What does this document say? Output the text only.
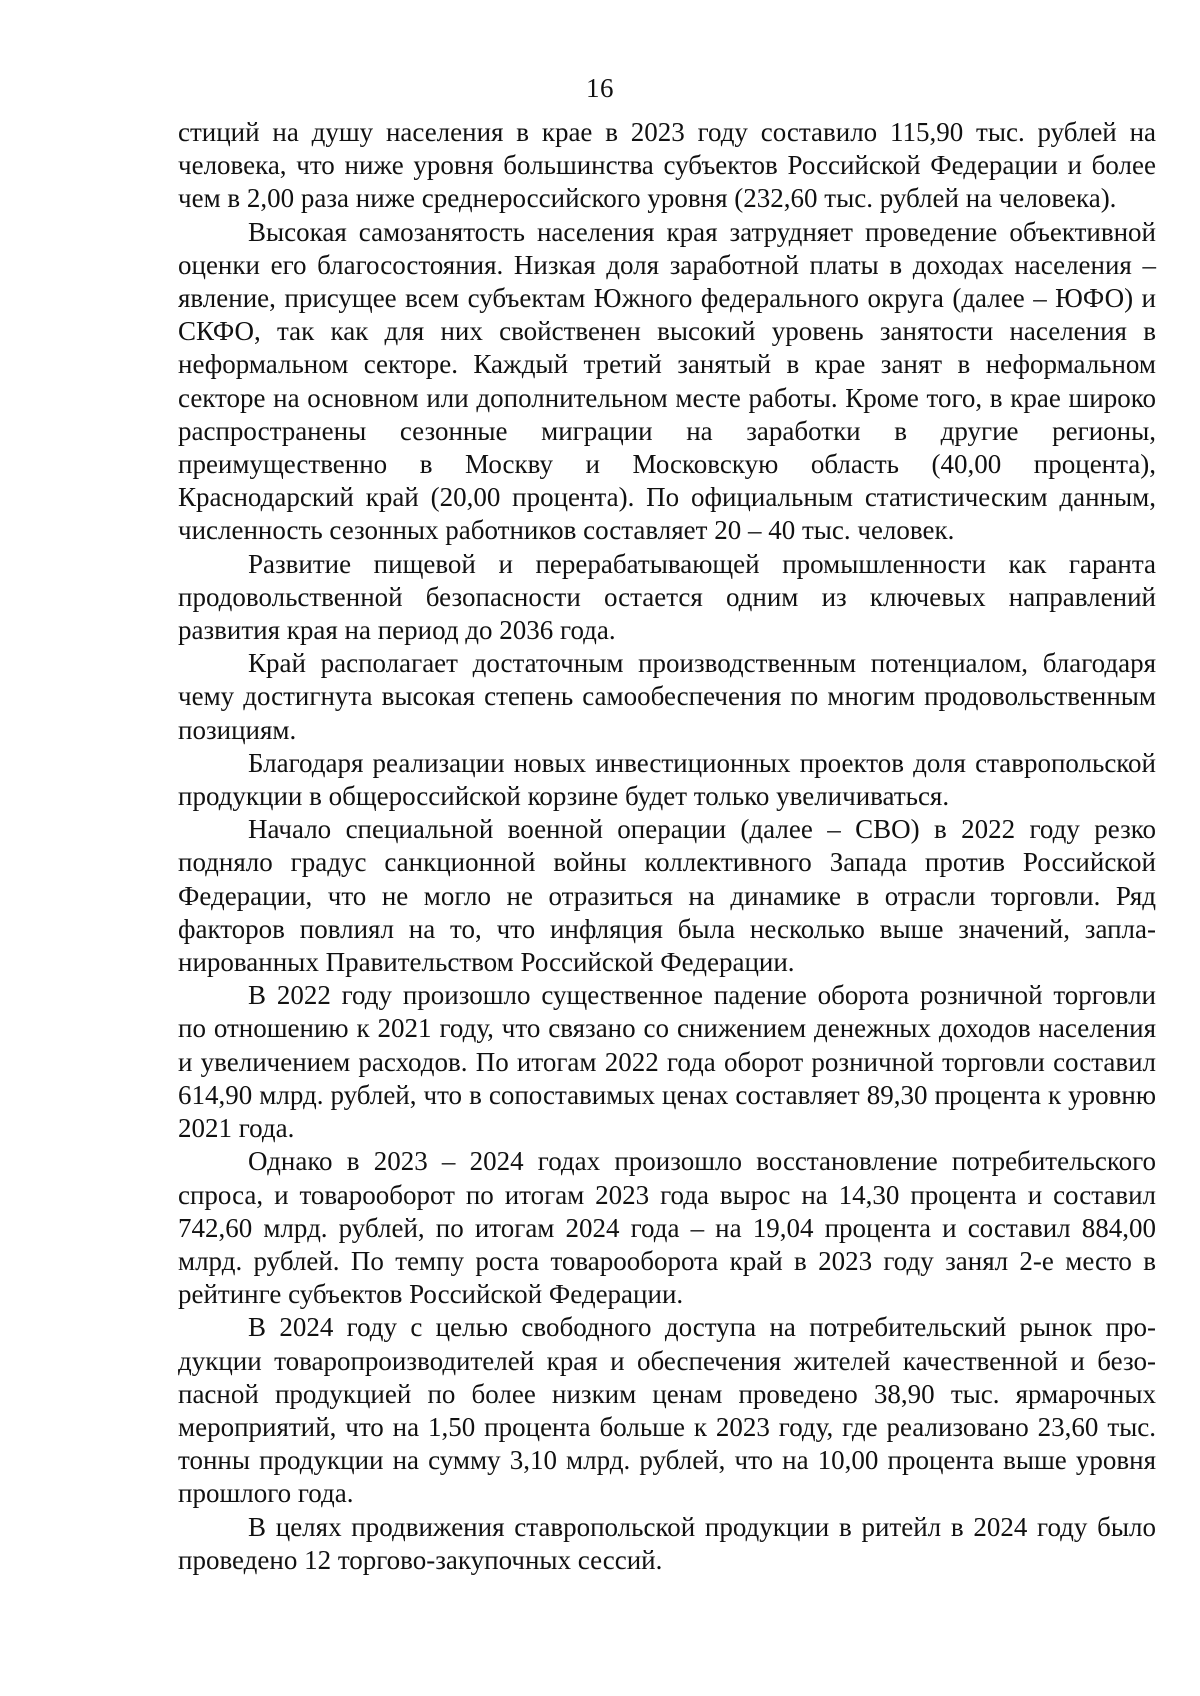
16

стиций на душу населения в крае в 2023 году составило 115,90 тыс. рублей на человека, что ниже уровня большинства субъектов Российской Федерации и более чем в 2,00 раза ниже среднероссийского уровня (232,60 тыс. рублей на человека).

Высокая самозанятость населения края затрудняет проведение объективной оценки его благосостояния. Низкая доля заработной платы в доходах населения – явление, присущее всем субъектам Южного федерального округа (далее – ЮФО) и СКФО, так как для них свойственен высокий уровень занятости населения в неформальном секторе. Каждый третий занятый в крае занят в неформальном секторе на основном или дополнительном месте работы. Кроме того, в крае широко распространены сезонные миграции на заработки в другие регионы, преимущественно в Москву и Московскую область (40,00 процента), Краснодарский край (20,00 процента). По официальным статистическим данным, численность сезонных работников составляет 20 – 40 тыс. человек.

Развитие пищевой и перерабатывающей промышленности как гаранта продовольственной безопасности остается одним из ключевых направлений развития края на период до 2036 года.

Край располагает достаточным производственным потенциалом, благодаря чему достигнута высокая степень самообеспечения по многим продовольственным позициям.

Благодаря реализации новых инвестиционных проектов доля ставропольской продукции в общероссийской корзине будет только увеличиваться.

Начало специальной военной операции (далее – СВО) в 2022 году резко подняло градус санкционной войны коллективного Запада против Российской Федерации, что не могло не отразиться на динамике в отрасли торговли. Ряд факторов повлиял на то, что инфляция была несколько выше значений, запланированных Правительством Российской Федерации.

В 2022 году произошло существенное падение оборота розничной торговли по отношению к 2021 году, что связано со снижением денежных доходов населения и увеличением расходов. По итогам 2022 года оборот розничной торговли составил 614,90 млрд. рублей, что в сопоставимых ценах составляет 89,30 процента к уровню 2021 года.

Однако в 2023 – 2024 годах произошло восстановление потребительского спроса, и товарооборот по итогам 2023 года вырос на 14,30 процента и составил 742,60 млрд. рублей, по итогам 2024 года – на 19,04 процента и составил 884,00 млрд. рублей. По темпу роста товарооборота край в 2023 году занял 2-е место в рейтинге субъектов Российской Федерации.

В 2024 году с целью свободного доступа на потребительский рынок продукции товаропроизводителей края и обеспечения жителей качественной и безопасной продукцией по более низким ценам проведено 38,90 тыс. ярмарочных мероприятий, что на 1,50 процента больше к 2023 году, где реализовано 23,60 тыс. тонны продукции на сумму 3,10 млрд. рублей, что на 10,00 процента выше уровня прошлого года.

В целях продвижения ставропольской продукции в ритейл в 2024 году было проведено 12 торгово-закупочных сессий.
